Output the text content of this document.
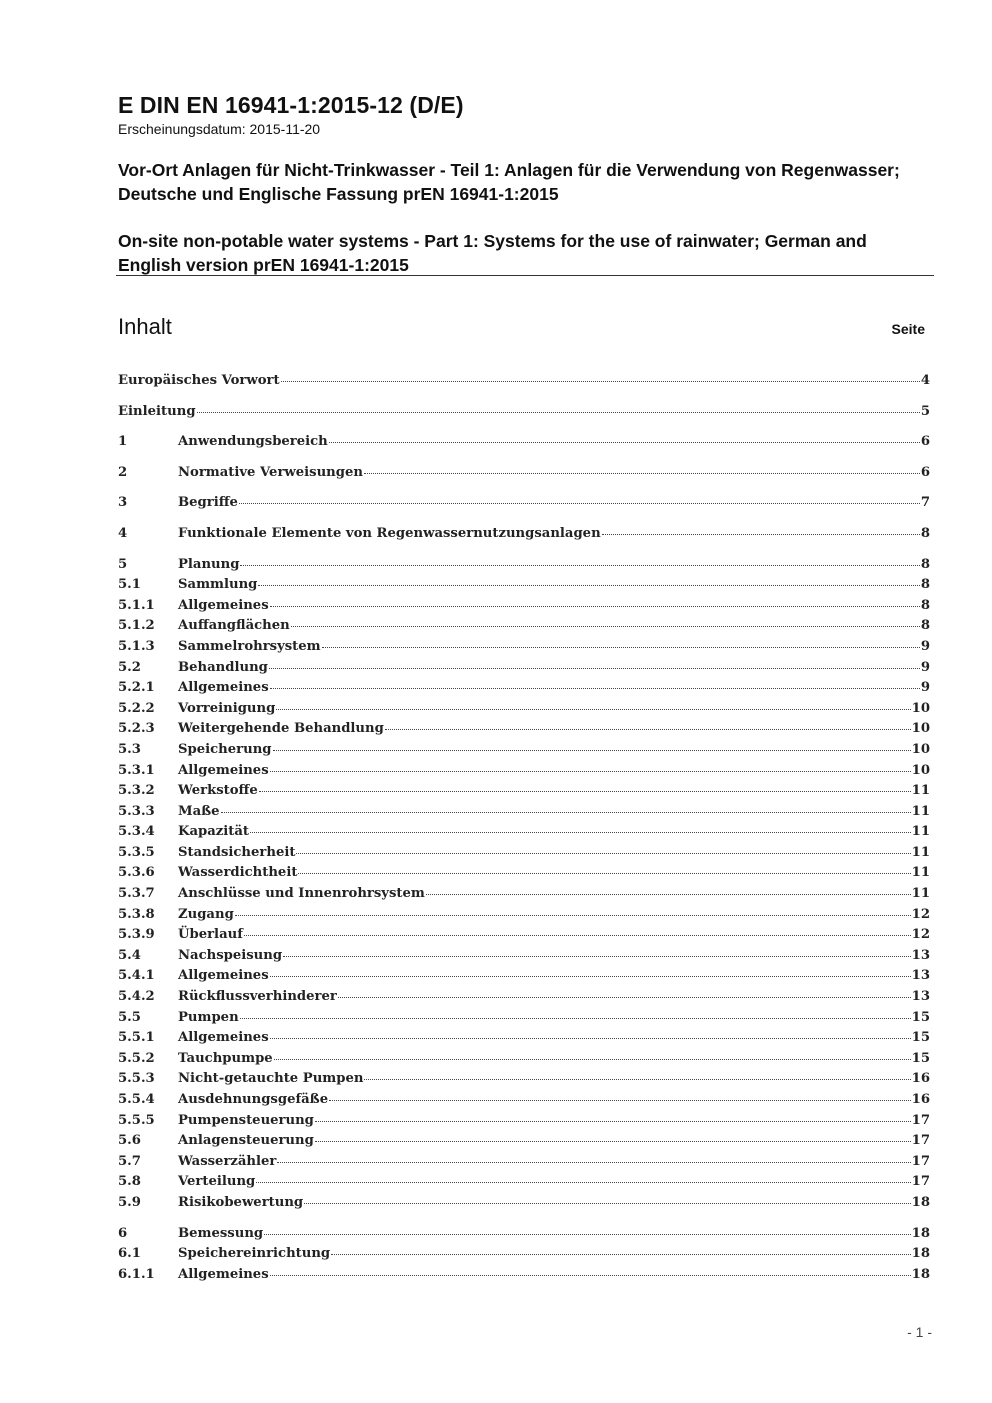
E DIN EN 16941-1:2015-12 (D/E)
Erscheinungsdatum: 2015-11-20
Vor-Ort Anlagen für Nicht-Trinkwasser - Teil 1: Anlagen für die Verwendung von Regenwasser; Deutsche und Englische Fassung prEN 16941-1:2015
On-site non-potable water systems - Part 1: Systems for the use of rainwater; German and English version prEN 16941-1:2015
Inhalt	Seite
Europäisches Vorwort	4
Einleitung	5
1	Anwendungsbereich	6
2	Normative Verweisungen	6
3	Begriffe	7
4	Funktionale Elemente von Regenwassernutzungsanlagen	8
5	Planung	8
5.1	Sammlung	8
5.1.1	Allgemeines	8
5.1.2	Auffangflächen	8
5.1.3	Sammelrohrsystem	9
5.2	Behandlung	9
5.2.1	Allgemeines	9
5.2.2	Vorreinigung	10
5.2.3	Weitergehende Behandlung	10
5.3	Speicherung	10
5.3.1	Allgemeines	10
5.3.2	Werkstoffe	11
5.3.3	Maße	11
5.3.4	Kapazität	11
5.3.5	Standsicherheit	11
5.3.6	Wasserdichtheit	11
5.3.7	Anschlüsse und Innenrohrsystem	11
5.3.8	Zugang	12
5.3.9	Überlauf	12
5.4	Nachspeisung	13
5.4.1	Allgemeines	13
5.4.2	Rückflussverhinderer	13
5.5	Pumpen	15
5.5.1	Allgemeines	15
5.5.2	Tauchpumpe	15
5.5.3	Nicht-getauchte Pumpen	16
5.5.4	Ausdehnungsgefäße	16
5.5.5	Pumpensteuerung	17
5.6	Anlagensteuerung	17
5.7	Wasserzähler	17
5.8	Verteilung	17
5.9	Risikobewertung	18
6	Bemessung	18
6.1	Speichereinrichtung	18
6.1.1	Allgemeines	18
- 1 -
